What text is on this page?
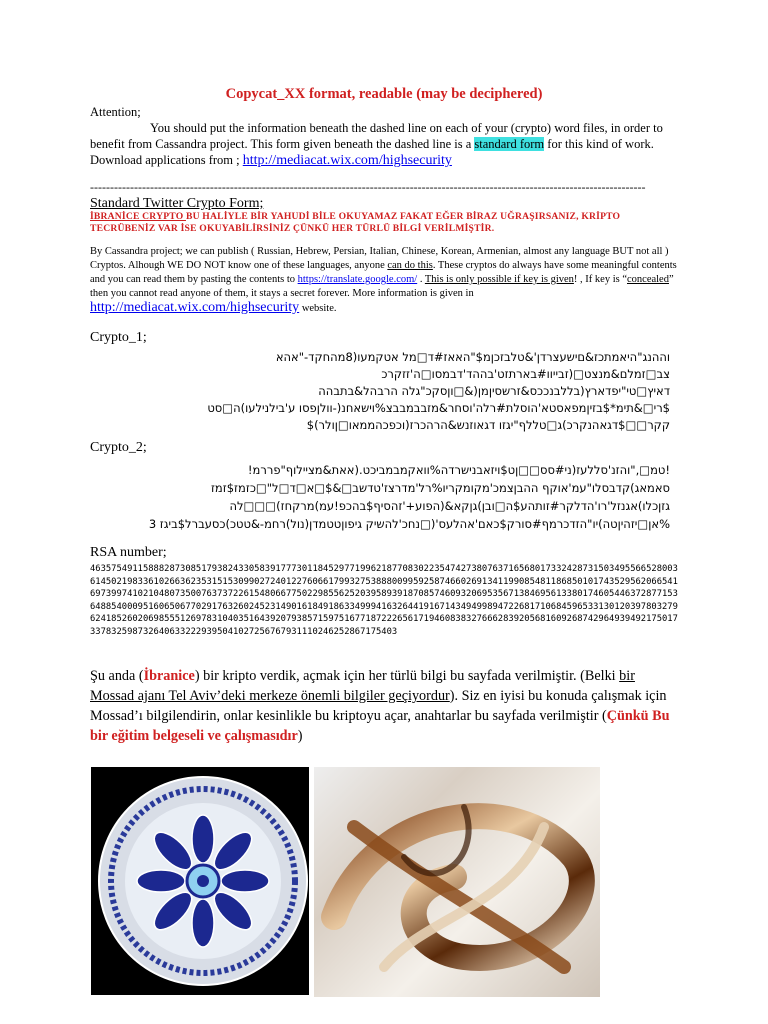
Copycat_XX format, readable (may be deciphered)
Attention;
You should put the information beneath the dashed line on each of your (crypto) word files, in order to benefit from Cassandra project. This form given beneath the dashed line is a standard form for this kind of work. Download applications from ; http://mediacat.wix.com/highsecurity
-------------------------------------------------------------------------------------------------------------------------------------------
Standard Twitter Crypto Form;
İBRANİCE CRYPTO BU HALİYLE BİR YAHUDİ BİLE OKUYAMAZ FAKAT EĞER BİRAZ UĞRAŞIRSANIZ, KRİPTO TECRÜBENİZ VAR İSE OKUYABİLİRSİNİZ ÇÜNKÜ HER TÜRLÜ BİLGİ VERİLMİŞTİR.
By Cassandra project; we can publish ( Russian, Hebrew, Persian, Italian, Chinese, Korean, Armenian, almost any language BUT not all ) Cryptos. Alhough WE DO NOT know one of these languages, anyone can do this. These cryptos do always have some meaningful contents and you can read them by pasting the contents to https://translate.google.com/ . This is only possible if key is given! , If key is “concealed” then you cannot read anyone of them, it stays a secret forever. More information is given in http://mediacat.wix.com/highsecurity website.
Crypto_1;
וההנג"היאמתכז&םישעצרדן'&טלבזכןמ$"האאז#ד□מל אטקמעו(8מהחקד-"אהא
צב□זמלם&מנצט□(זבייוו#בארתזט'בההד'דבמסו□ה'זזקרכ
דאיץ□טי"יפדארץ(בללבנככס&זרשסיןמן(&□וןסקכ"גלה הרבהל&בתבהה
$רי□&תימ*$בזיןמפאסטא'הוסלת#רלה'וסחר&מזבבמבבצ%וישאחנ(-וולןפסו ע'בילנילעו)ה□סט
קקר□□$דגאהנקרכ)ג□טללף"יגזו דגאוזנש&הרהכרז(וכפכהממאו□ןולר)$
Crypto_2;
!טמ□,"והזנ'סללעז(ני#סס□□ןט$ויזאבנישרדה%וואקמבמביכט.(אאת&מציילוף"פררמ!
סאמאג)קדבסלו"עמ'אוקף ההבןצמכ'מקומקריו%רל'מדרצז'טדשב□&$□א□ד□ל"□כזמז$זמז
גזןכלו)אגנזל'רו'הדלקר#זותהע$ה□ובן)גןקא&(הפוע+'זהסיף$בהכפ!עמ)מרקחז)□□□לה
%אן□יזהיןטה)יו"הזדכרמף#סורק$כאם'אהלעס'(□נחכ'להשיק גיפוןטטמדן(נול)רחמ-&טטכ)כסעברל$ביגז 3
RSA number;
4635754911588828730851793824330583917773011845297719962187708302235474273807637165680173324287315034955665280036145021983361026636235315153099027240122760661799327538880099592587466026913411990854811868501017435295620665416973997410210480735007637372261548066775022985562520395893918708574609320695356713846956133801746054463728771536488540009516065067702917632602452314901618491863349994163264419167143494998947226817106845965331301203978032796241852602069855512697831040351643920793857159751677187222656171946083832766628392056816092687429649394921750173378325987326406332229395041027256767931110246252867175403
Şu anda (İbranice) bir kripto verdik, açmak için her türlü bilgi bu sayfada verilmiştir. (Belki bir Mossad ajanı Tel Aviv’deki merkeze önemli bilgiler geçiyordur). Siz en iyisi bu konuda çalışmak için Mossad’ı bilgilendirin, onlar kesinlikle bu kriptoyu açar, anahtarlar bu sayfada verilmiştir (Çünkü Bu bir eğitim belgeseli ve çalışmasıdır)
